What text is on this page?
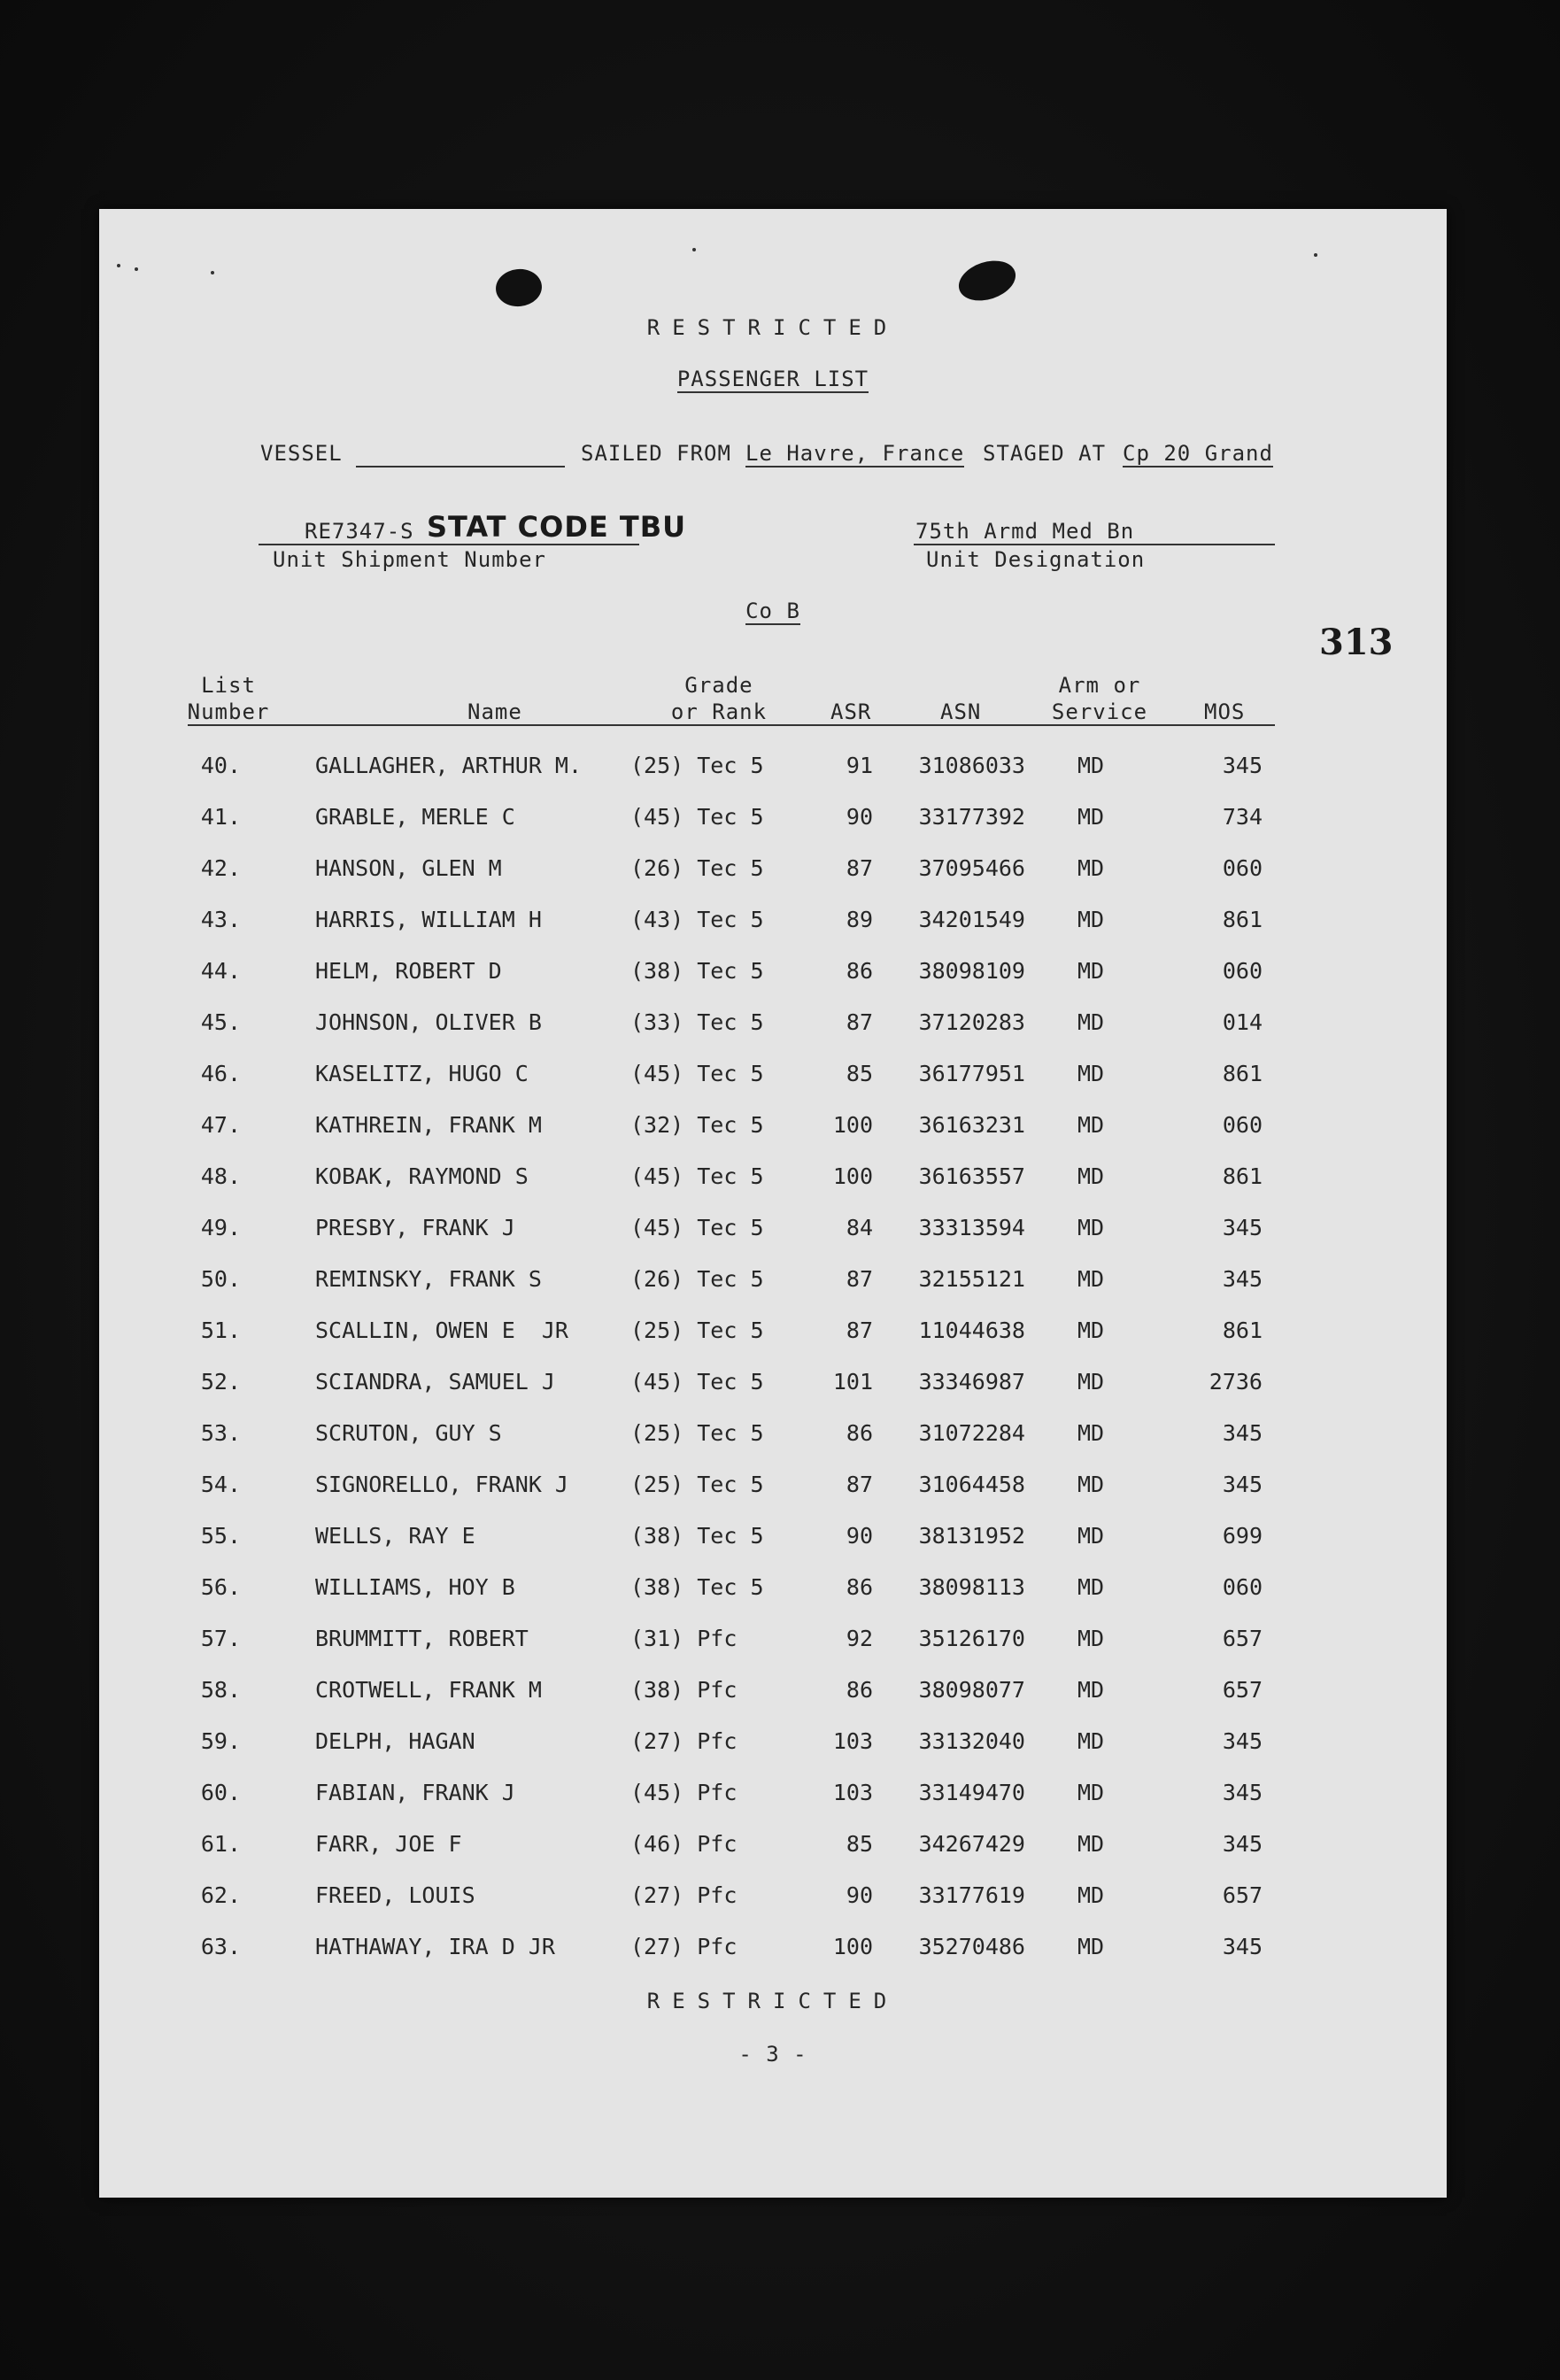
RESTRICTED
PASSENGER LIST
VESSEL	SAILED FROM Le Havre, France STAGED AT Cp 20 Grand
RE7347-S STAT CODE TBU
Unit Shipment Number
75th Armd Med Bn
Unit Designation
Co B
313
List
Number	Name
Grade
or Rank	ASR	ASN
Arm or
Service	MOS
40.	GALLAGHER, ARTHUR M. (25) Tec 5	91	31086033	MD	345
41.	GRABLE, MERLE C	(45) Tec 5	90	33177392	MD	734
42.	HANSON, GLEN M	(26) Tec 5	87	37095466	MD	060
43.	HARRIS, WILLIAM H	(43) Tec 5	89	34201549	MD	861
44.	HELM, ROBERT D	(38) Tec 5	86	38098109	MD	060
45.	JOHNSON, OLIVER B	(33) Tec 5	87	37120283	MD	014
46.	KASELITZ, HUGO C	(45) Tec 5	85	36177951	MD	861
47.	KATHREIN, FRANK M	(32) Tec 5	100	36163231	MD	060
48.	KOBAK, RAYMOND S	(45) Tec 5	100	36163557	MD	861
49.	PRESBY, FRANK J	(45) Tec 5	84	33313594	MD	345
50.	REMINSKY, FRANK S	(26) Tec 5	87	32155121	MD	345
51.	SCALLIN, OWEN E  JR	(25) Tec 5	87	11044638	MD	861
52.	SCIANDRA, SAMUEL J	(45) Tec 5	101	33346987	MD	2736
53.	SCRUTON, GUY S	(25) Tec 5	86	31072284	MD	345
54.	SIGNORELLO, FRANK J	(25) Tec 5	87	31064458	MD	345
55.	WELLS, RAY E	(38) Tec 5	90	38131952	MD	699
56.	WILLIAMS, HOY B	(38) Tec 5	86	38098113	MD	060
57.	BRUMMITT, ROBERT	(31) Pfc	92	35126170	MD	657
58.	CROTWELL, FRANK M	(38) Pfc	86	38098077	MD	657
59.	DELPH, HAGAN	(27) Pfc	103	33132040	MD	345
60.	FABIAN, FRANK J	(45) Pfc	103	33149470	MD	345
61.	FARR, JOE F	(46) Pfc	85	34267429	MD	345
62.	FREED, LOUIS	(27) Pfc	90	33177619	MD	657
63.	HATHAWAY, IRA D JR	(27) Pfc	100	35270486	MD	345
RESTRICTED
- 3 -
